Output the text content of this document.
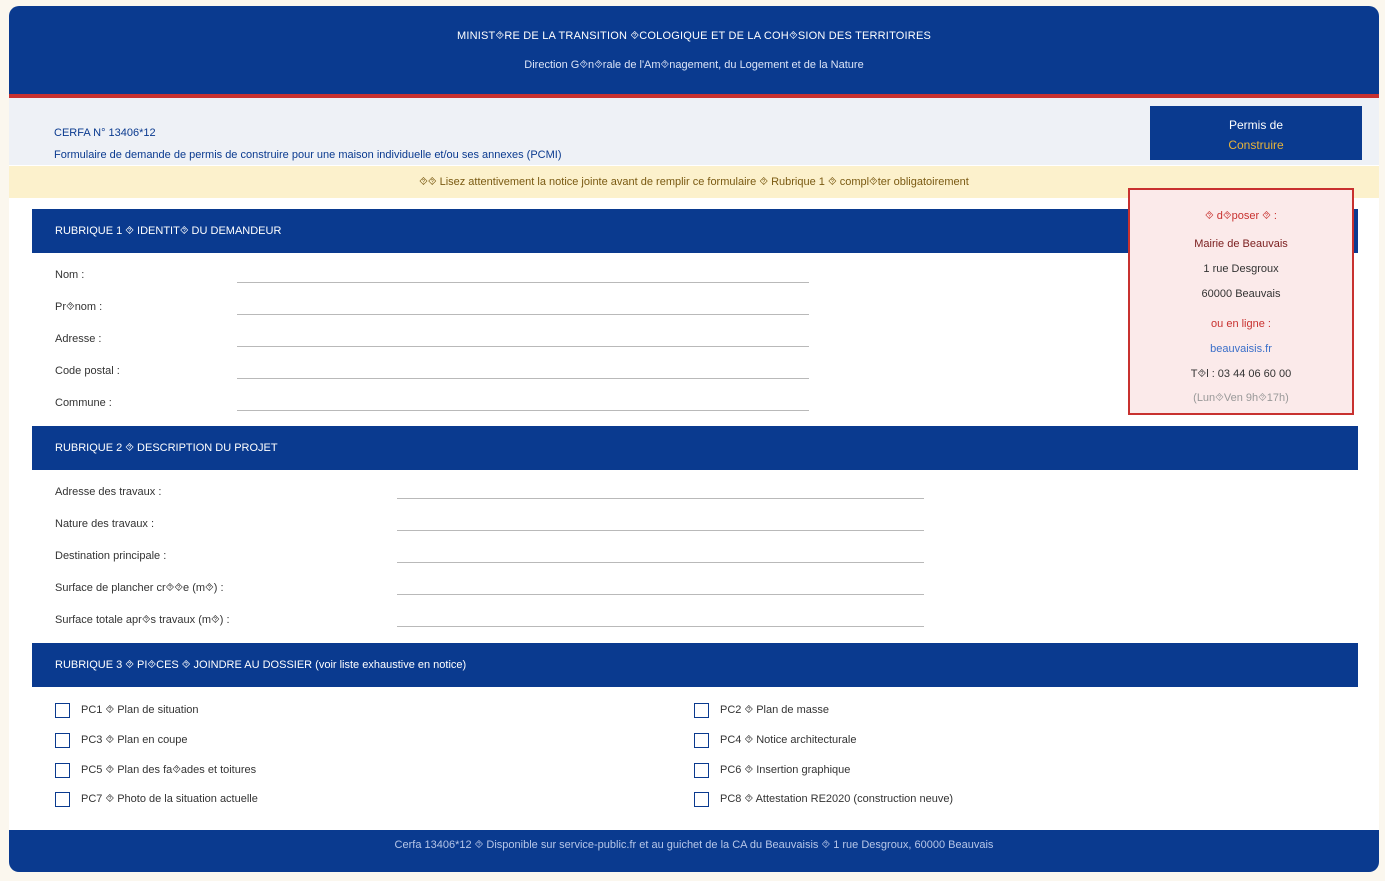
MINIST⯑RE DE LA TRANSITION ⯑COLOGIQUE ET DE LA COH⯑SION DES TERRITOIRES
Direction G⯑n⯑rale de l'Am⯑nagement, du Logement et de la Nature
CERFA N° 13406*12
Formulaire de demande de permis de construire pour une maison individuelle et/ou ses annexes (PCMI)
Permis de
Construire
⯑⯑ Lisez attentivement la notice jointe avant de remplir ce formulaire ⯑ Rubrique 1 ⯑ compl⯑ter obligatoirement
RUBRIQUE 1 ⯑ IDENTIT⯑ DU DEMANDEUR
Nom :
Pr⯑nom :
Adresse :
Code postal :
Commune :
⯑ d⯑poser ⯑ :
Mairie de Beauvais
1 rue Desgroux
60000 Beauvais
ou en ligne :
beauvaisis.fr
T⯑l : 03 44 06 60 00
(Lun⯑Ven 9h⯑17h)
RUBRIQUE 2 ⯑ DESCRIPTION DU PROJET
Adresse des travaux :
Nature des travaux :
Destination principale :
Surface de plancher cr⯑⯑e (m⯑) :
Surface totale apr⯑s travaux (m⯑) :
RUBRIQUE 3 ⯑ PI⯑CES ⯑ JOINDRE AU DOSSIER (voir liste exhaustive en notice)
PC1 ⯑ Plan de situation	PC2 ⯑ Plan de masse
PC3 ⯑ Plan en coupe	PC4 ⯑ Notice architecturale
PC5 ⯑ Plan des fa⯑ades et toitures	PC6 ⯑ Insertion graphique
PC7 ⯑ Photo de la situation actuelle	PC8 ⯑ Attestation RE2020 (construction neuve)
Cerfa 13406*12 ⯑ Disponible sur service-public.fr et au guichet de la CA du Beauvaisis ⯑ 1 rue Desgroux, 60000 Beauvais
